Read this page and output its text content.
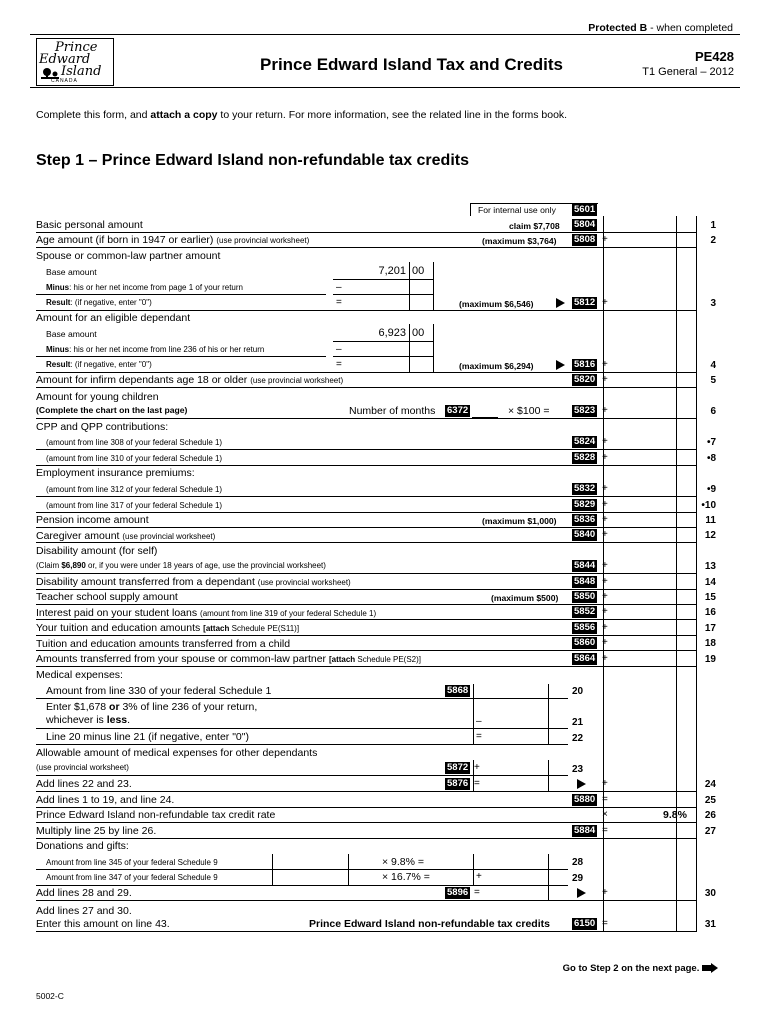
Protected B - when completed
Prince
Edward
Island
CANADA
Prince Edward Island Tax and Credits	PE428
T1 General – 2012
Complete this form, and attach a copy to your return. For more information, see the related line in the forms book.
Step 1 – Prince Edward Island non-refundable tax credits
For internal use only 5601
Basic personal amount	claim $7,708 5804	1
Age amount (if born in 1947 or earlier) (use provincial worksheet)	(maximum $3,764) 5808 +	2
Spouse or common-law partner amount
Base amount	7,201 00
Minus: his or her net income from page 1 of your return	–
Result: (if negative, enter "0")	=	(maximum $6,546)	5812 +	3
Amount for an eligible dependant
Base amount	6,923 00
Minus: his or her net income from line 236 of his or her return	–
Result: (if negative, enter "0")	=	(maximum $6,294)	5816 +	4
Amount for infirm dependants age 18 or older (use provincial worksheet)	5820 +	5
Amount for young children
(Complete the chart on the last page)	Number of months 6372	× $100 =	5823 +	6
CPP and QPP contributions:
(amount from line 308 of your federal Schedule 1)	5824 +	•7
(amount from line 310 of your federal Schedule 1)	5828 +	•8
Employment insurance premiums:
(amount from line 312 of your federal Schedule 1)	5832 +	•9
(amount from line 317 of your federal Schedule 1)	5829 +	•10
Pension income amount	(maximum $1,000) 5836 +	11
Caregiver amount (use provincial worksheet)	5840 +	12
Disability amount (for self)
(Claim $6,890 or, if you were under 18 years of age, use the provincial worksheet)	5844 +	13
Disability amount transferred from a dependant (use provincial worksheet)	5848 +	14
Teacher school supply amount	(maximum $500) 5850 +	15
Interest paid on your student loans (amount from line 319 of your federal Schedule 1)	5852 +	16
Your tuition and education amounts [attach Schedule PE(S11)]	5856 +	17
Tuition and education amounts transferred from a child	5860 +	18
Amounts transferred from your spouse or common-law partner [attach Schedule PE(S2)]	5864 +	19
Medical expenses:
Amount from line 330 of your federal Schedule 1	5868	20
Enter $1,678 or 3% of line 236 of your return,
whichever is less.	–	21
Line 20 minus line 21 (if negative, enter "0")	=	22
Allowable amount of medical expenses for other dependants
(use provincial worksheet)	5872 +	23
Add lines 22 and 23.	5876 =	+	24
Add lines 1 to 19, and line 24.	5880 =	25
Prince Edward Island non-refundable tax credit rate	×	9.8%	26
Multiply line 25 by line 26.	5884 =	27
Donations and gifts:
Amount from line 345 of your federal Schedule 9	× 9.8% =	28
Amount from line 347 of your federal Schedule 9	× 16.7% =	+	29
Add lines 28 and 29.	5896 =	+	30
Add lines 27 and 30.
Enter this amount on line 43.	Prince Edward Island non-refundable tax credits	6150 =	31
Go to Step 2 on the next page.
5002-C
